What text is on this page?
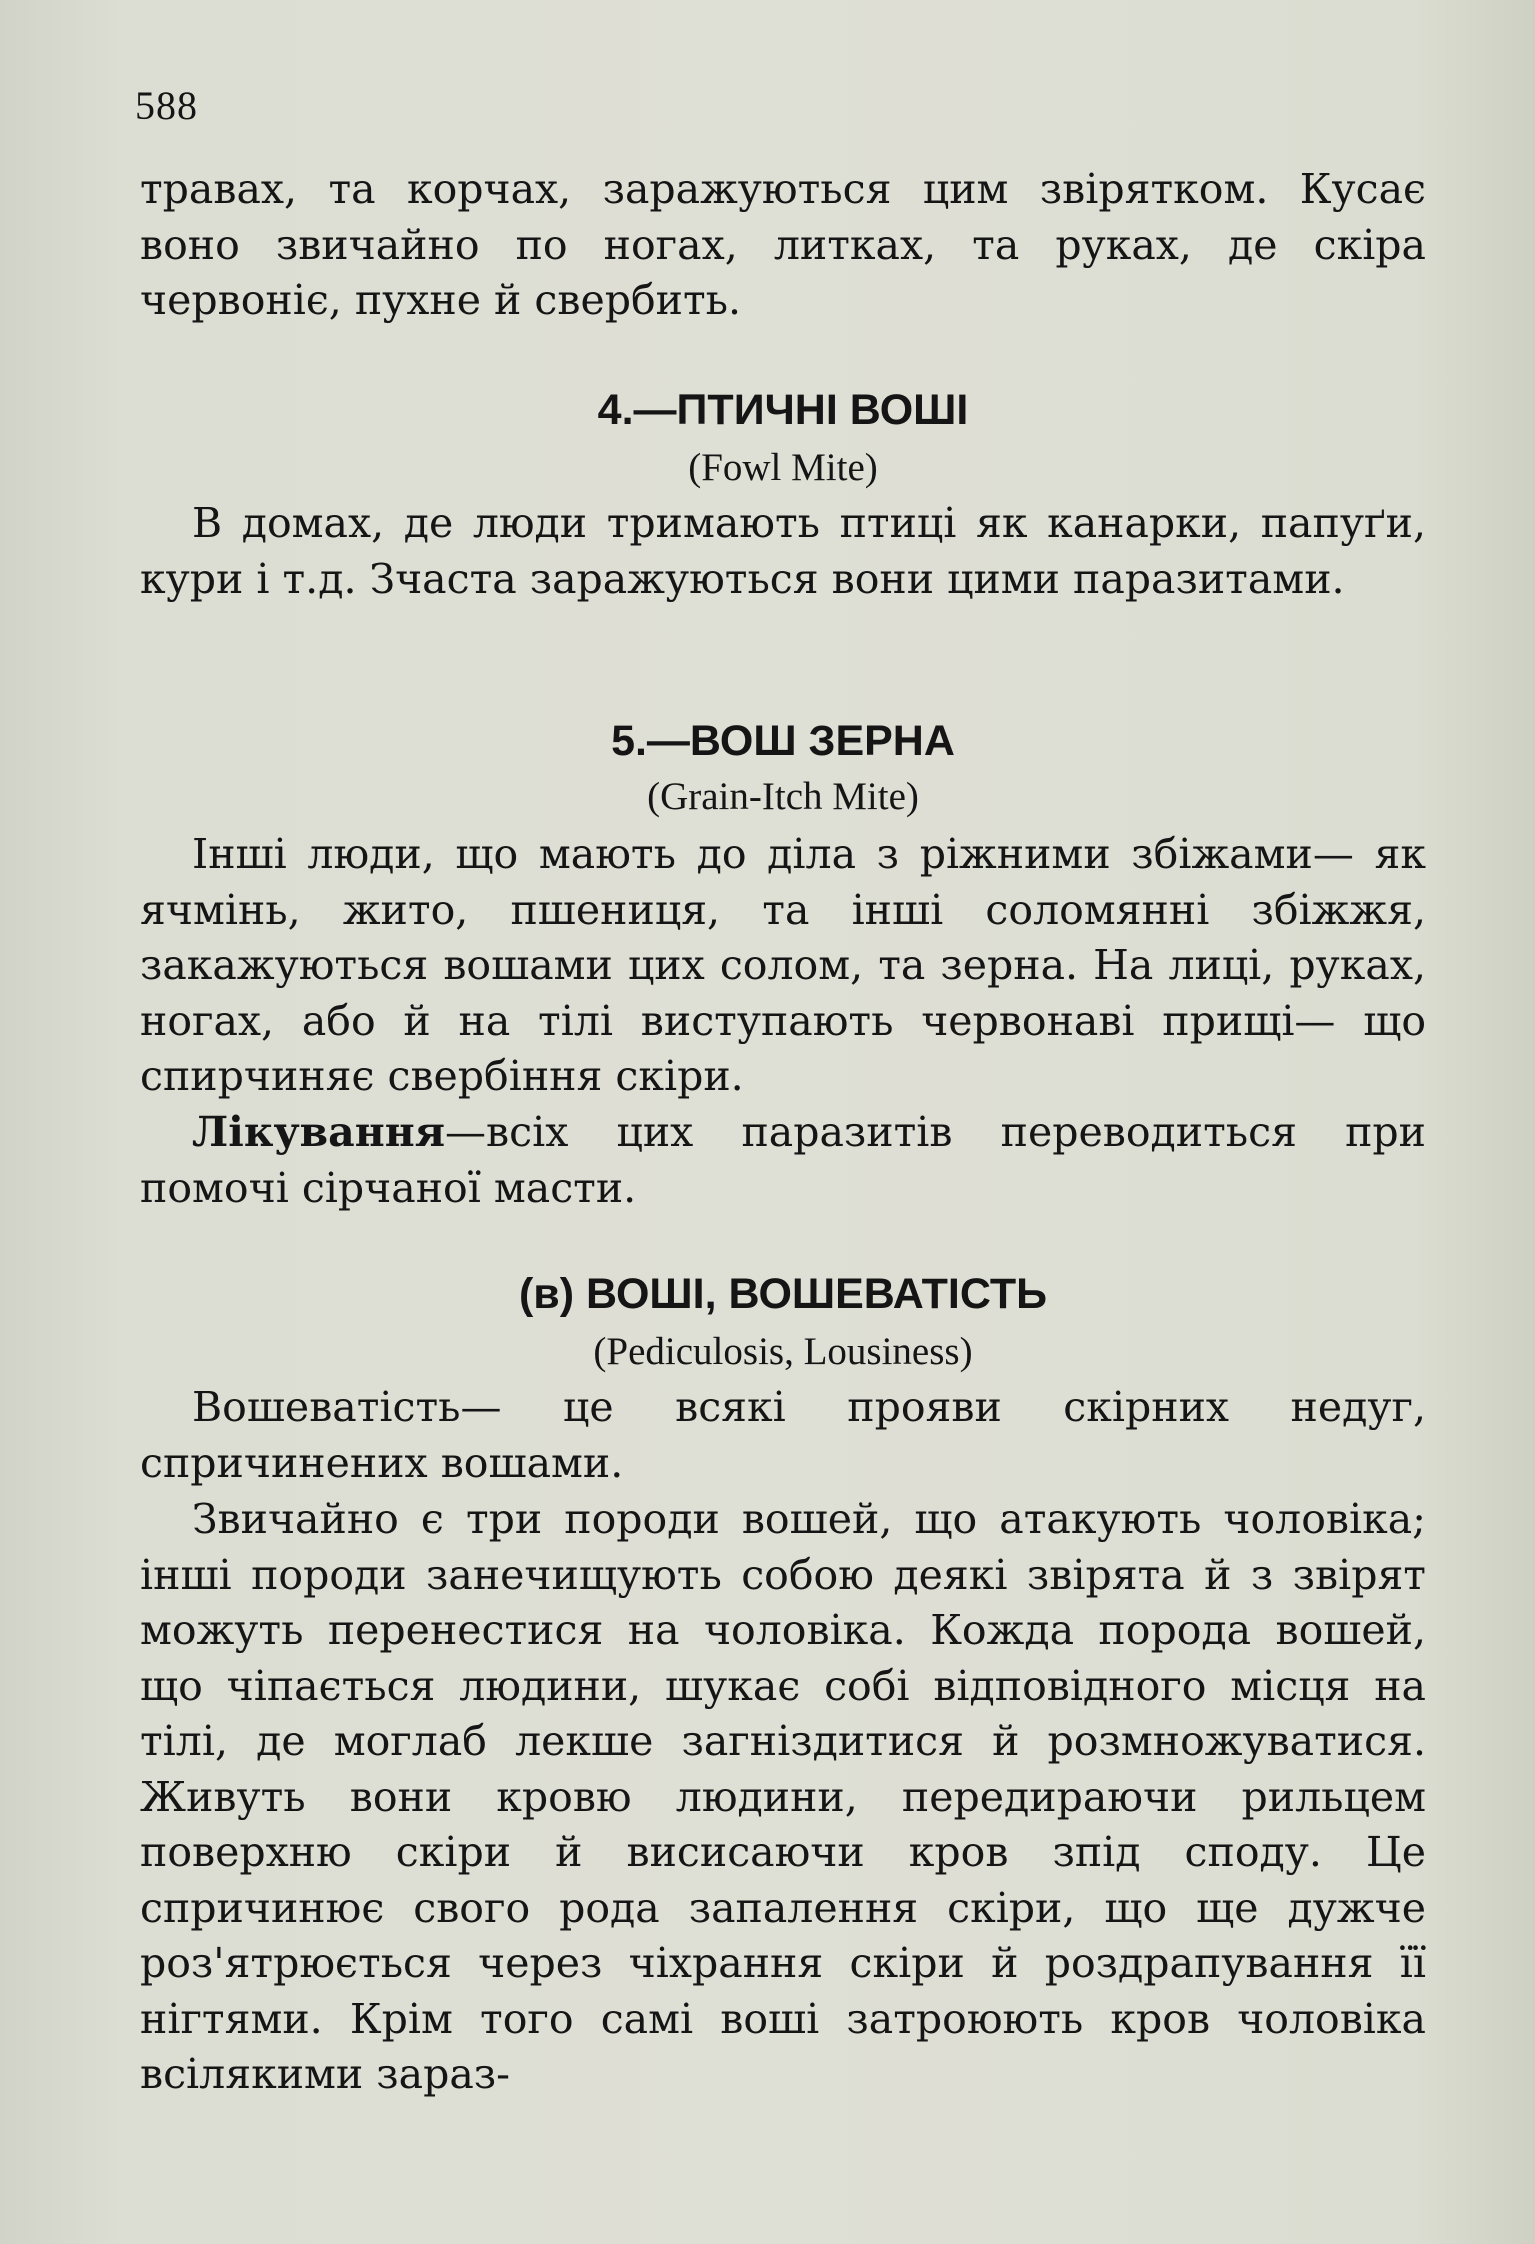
588

травах, та корчах, заражуються цим звірятком. Кусає воно звичайно по ногах, литках, та руках, де скіра червоніє, пухне й свербить.

4.—ПТИЧНІ ВОШІ
(Fowl Mite)

В домах, де люди тримають птиці як канарки, папуґи, кури і т.д. Зчаста заражуються вони цими паразитами.

5.—ВОШ ЗЕРНА
(Grain-Itch Mite)

Інші люди, що мають до діла з ріжними збіжами— як ячмінь, жито, пшениця, та інші соломянні збіжжя, закажуються вошами цих солом, та зерна. На лиці, руках, ногах, або й на тілі виступають червонаві прищі— що спирчиняє свербіння скіри.

Лікування—всіх цих паразитів переводиться при помочі сірчаної масти.

(в) ВОШІ, ВОШЕВАТІСТЬ
(Pediculosis, Lousiness)

Вошеватість— це всякі прояви скірних недуг, спричинених вошами.

Звичайно є три породи вошей, що атакують чоловіка; інші породи занечищують собою деякі звірята й з звірят можуть перенестися на чоловіка. Кожда порода вошей, що чіпається людини, шукає собі відповідного місця на тілі, де моглаб лекше загніздитися й розмножуватися. Живуть вони кровю людини, передираючи рильцем поверхню скіри й висисаючи кров зпід споду. Це спричинює свого рода запалення скіри, що ще дужче роз'ятрюється через чіхрання скіри й роздрапування її нігтями. Крім того самі воші затроюють кров чоловіка всілякими зараз-
